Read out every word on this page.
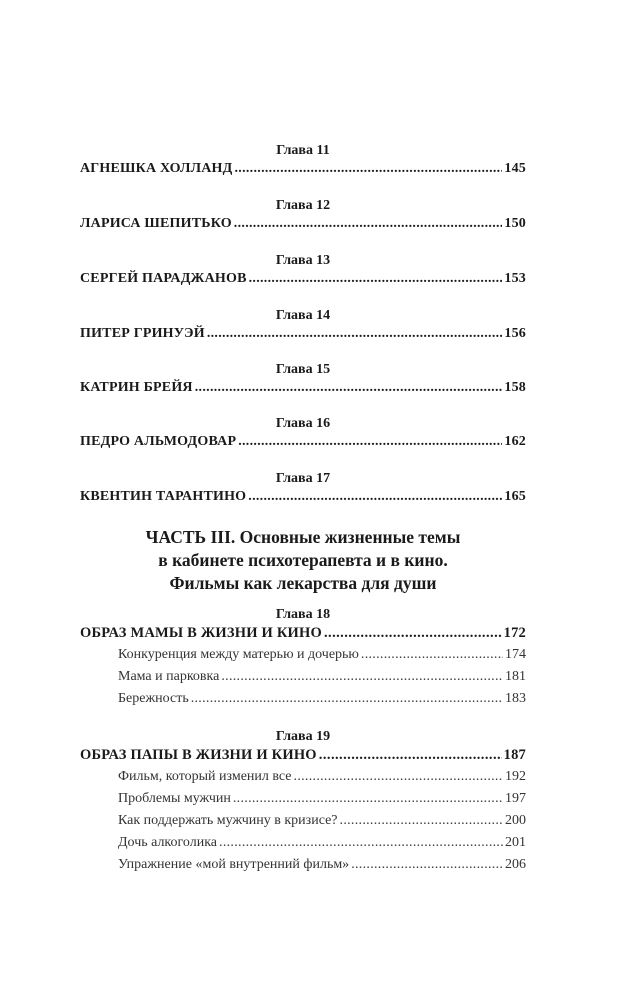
Глава 11
АГНЕШКА ХОЛЛАНД . . .	145
Глава 12
ЛАРИСА ШЕПИТЬКО . . .	150
Глава 13
СЕРГЕЙ ПАРАДЖАНОВ . . .	153
Глава 14
ПИТЕР ГРИНУЭЙ . . .	156
Глава 15
КАТРИН БРЕЙЯ . . .	158
Глава 16
ПЕДРО АЛЬМОДОВАР . . .	162
Глава 17
КВЕНТИН ТАРАНТИНО . . .	165
ЧАСТЬ III. Основные жизненные темы
в кабинете психотерапевта и в кино.
Фильмы как лекарства для души
Глава 18
ОБРАЗ МАМЫ В ЖИЗНИ И КИНО . . .	172
Конкуренция между матерью и дочерью . . .	174
Мама и парковка . . .	181
Бережность . . .	183
Глава 19
ОБРАЗ ПАПЫ В ЖИЗНИ И КИНО . . .	187
Фильм, который изменил все . . .	192
Проблемы мужчин . . .	197
Как поддержать мужчину в кризисе? . . .	200
Дочь алкоголика . . .	201
Упражнение «мой внутренний фильм» . . .	206
